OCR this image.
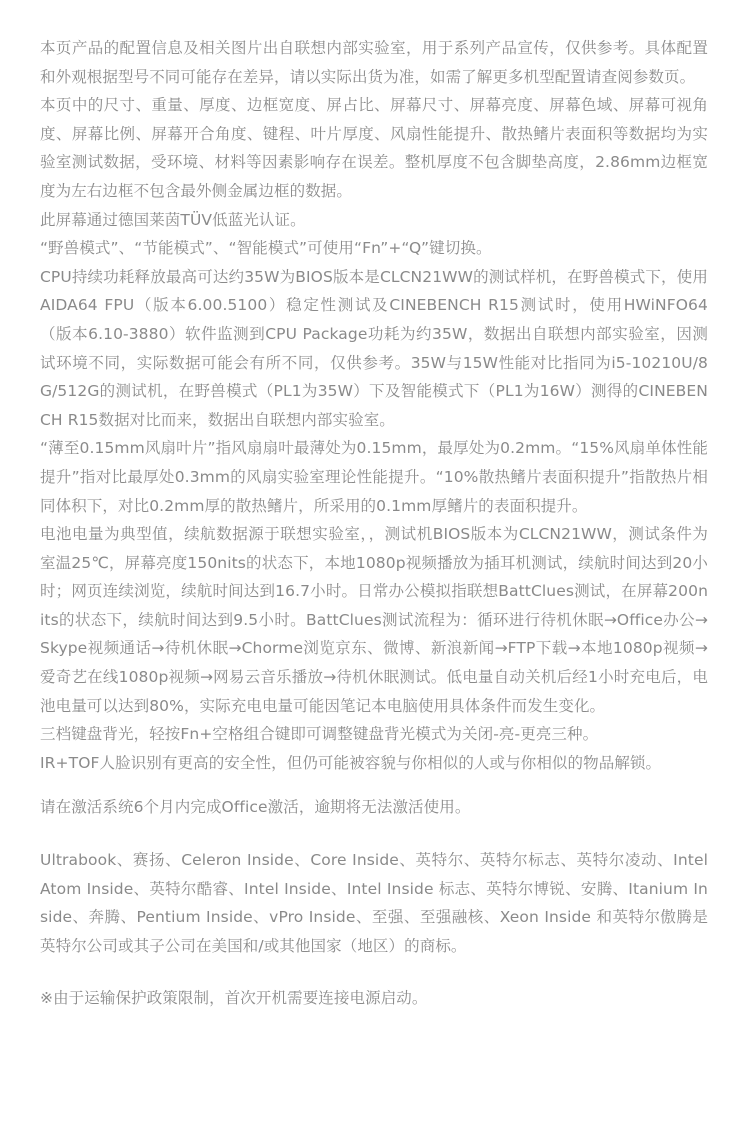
本页产品的配置信息及相关图片出自联想内部实验室，用于系列产品宣传，仅供参考。具体配置和外观根据型号不同可能存在差异，请以实际出货为准，如需了解更多机型配置请查阅参数页。

本页中的尺寸、重量、厚度、边框宽度、屏占比、屏幕尺寸、屏幕亮度、屏幕色域、屏幕可视角度、屏幕比例、屏幕开合角度、键程、叶片厚度、风扇性能提升、散热鳍片表面积等数据均为实验室测试数据，受环境、材料等因素影响存在误差。整机厚度不包含脚垫高度，2.86mm边框宽度为左右边框不包含最外侧金属边框的数据。

此屏幕通过德国莱茵TÜV低蓝光认证。

“野兽模式”、“节能模式”、“智能模式”可使用“Fn”+“Q”键切换。

CPU持续功耗释放最高可达约35W为BIOS版本是CLCN21WW的测试样机，在野兽模式下，使用AIDA64 FPU（版本6.00.5100）稳定性测试及CINEBENCH R15测试时，使用HWiNFO64 （版本6.10-3880）软件监测到CPU Package功耗为约35W，数据出自联想内部实验室，因测试环境不同，实际数据可能会有所不同，仅供参考。35W与15W性能对比指同为i5-10210U/8G/512G的测试机，在野兽模式（PL1为35W）下及智能模式下（PL1为16W）测得的CINEBENCH R15数据对比而来，数据出自联想内部实验室。

“薄至0.15mm风扇叶片”指风扇扇叶最薄处为0.15mm，最厚处为0.2mm。“15%风扇单体性能提升”指对比最厚处0.3mm的风扇实验室理论性能提升。“10%散热鳍片表面积提升”指散热片相同体积下，对比0.2mm厚的散热鳍片，所采用的0.1mm厚鳍片的表面积提升。

电池电量为典型值，续航数据源于联想实验室，，测试机BIOS版本为CLCN21WW，测试条件为室温25℃，屏幕亮度150nits的状态下，本地1080p视频播放为插耳机测试，续航时间达到20小时；网页连续浏览，续航时间达到16.7小时。日常办公模拟指联想BattClues测试，在屏幕200nits的状态下，续航时间达到9.5小时。BattClues测试流程为：循环进行待机休眠→Office办公→Skype视频通话→待机休眠→Chorme浏览京东、微博、新浪新闻→FTP下载→本地1080p视频→爱奇艺在线1080p视频→网易云音乐播放→待机休眠测试。低电量自动关机后经1小时充电后，电池电量可以达到80%，实际充电电量可能因笔记本电脑使用具体条件而发生变化。

三档键盘背光，轻按Fn+空格组合键即可调整键盘背光模式为关闭-亮-更亮三种。

IR+TOF人脸识别有更高的安全性，但仍可能被容貌与你相似的人或与你相似的物品解锁。

请在激活系统6个月内完成Office激活，逾期将无法激活使用。

Ultrabook、赛扬、Celeron Inside、Core Inside、英特尔、英特尔标志、英特尔凌动、Intel Atom Inside、英特尔酷睿、Intel Inside、Intel Inside 标志、英特尔博锐、安腾、Itanium Inside、奔腾、Pentium Inside、vPro Inside、至强、至强融核、Xeon Inside 和英特尔傲腾是英特尔公司或其子公司在美国和/或其他国家（地区）的商标。

※由于运输保护政策限制，首次开机需要连接电源启动。
